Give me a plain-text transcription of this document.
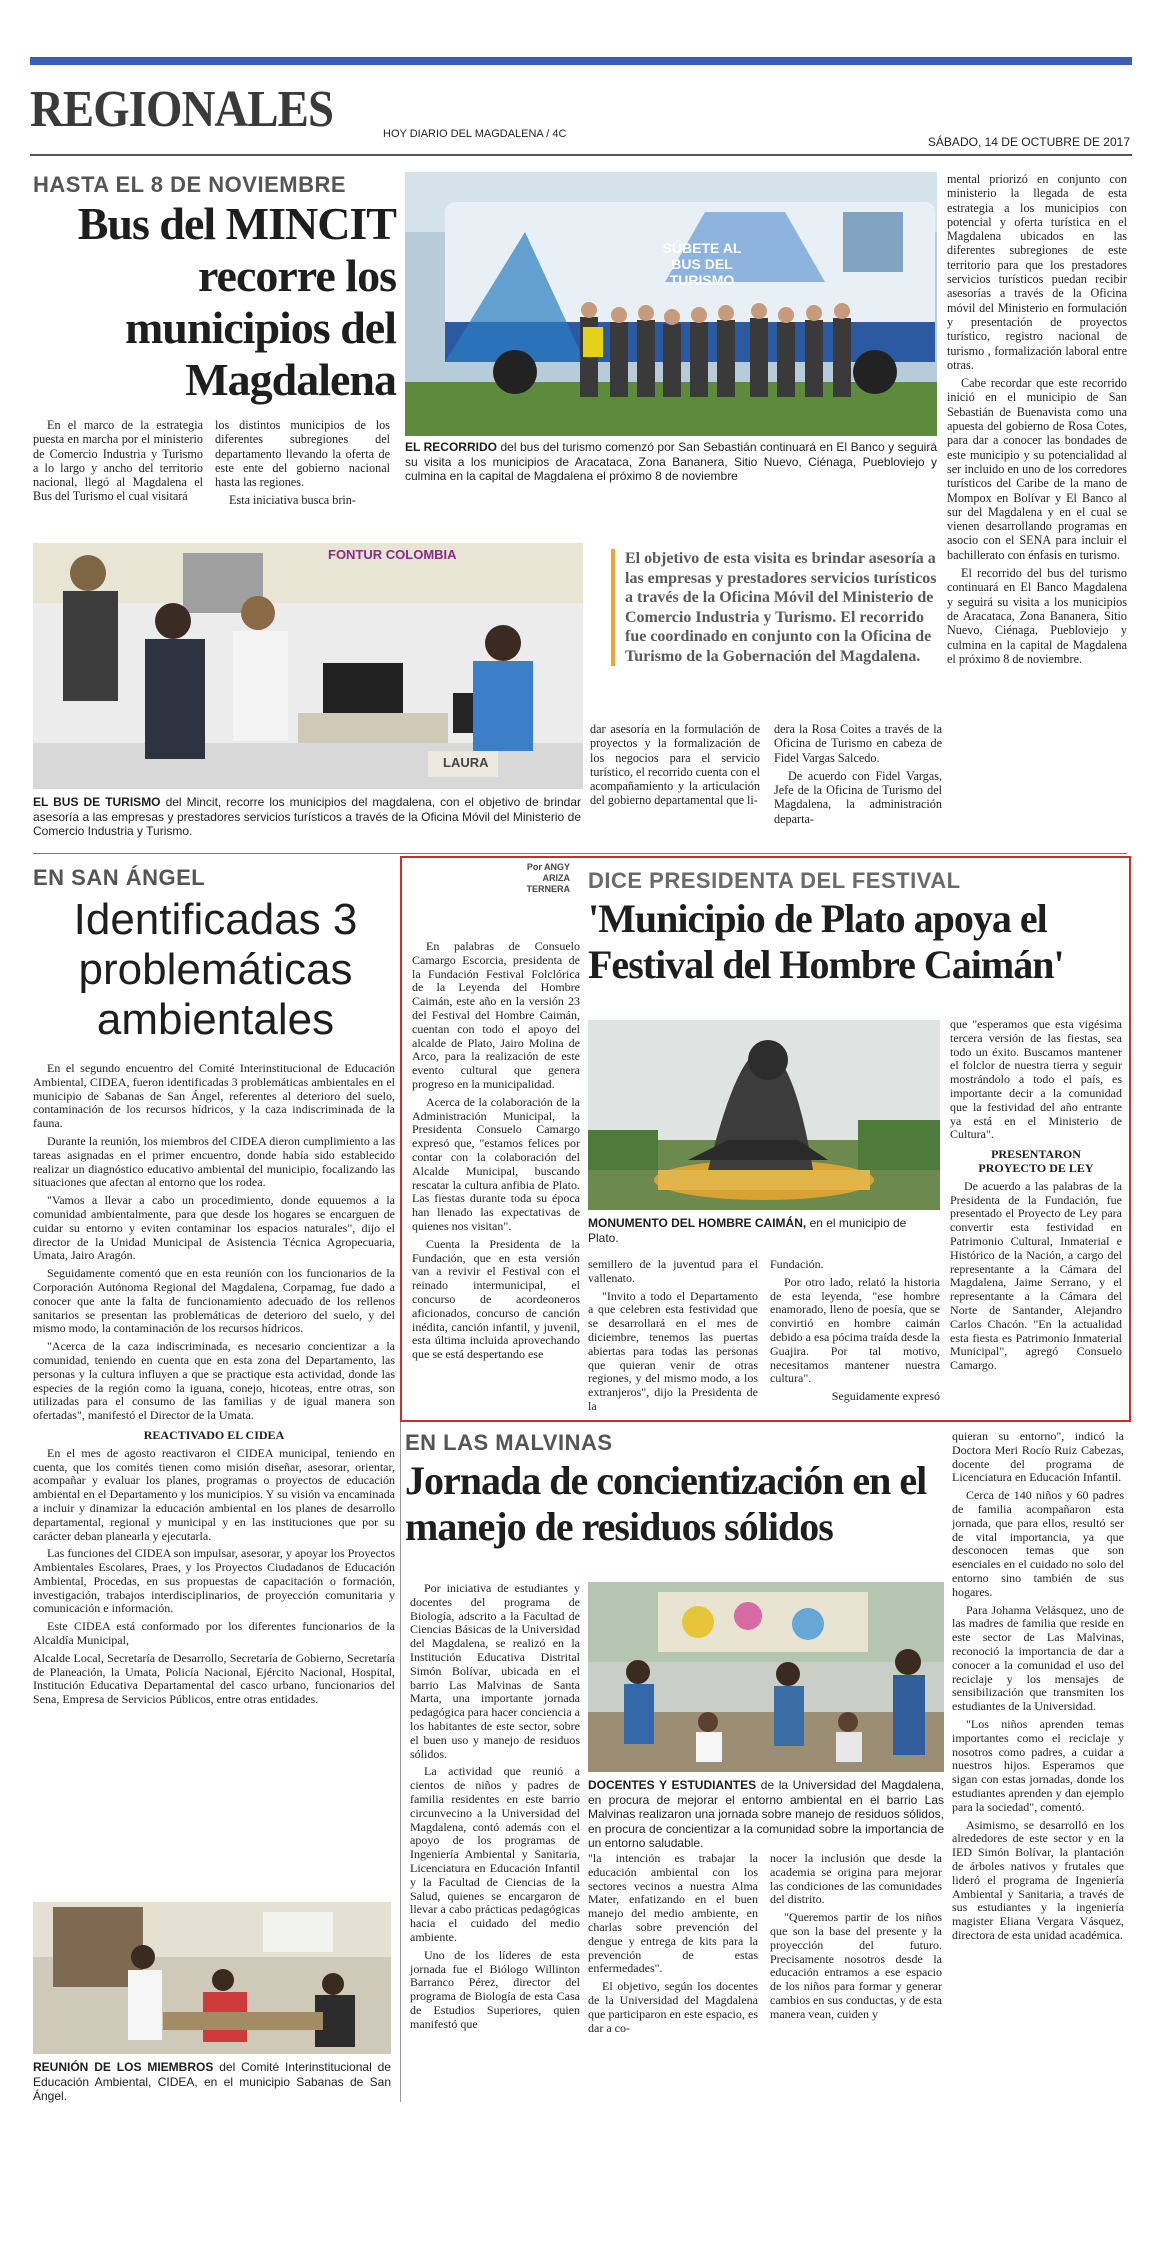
REGIONALES	HOY DIARIO DEL MAGDALENA / 4C
SÁBADO, 14 DE OCTUBRE DE 2017
HASTA EL 8 DE NOVIEMBRE
Bus del MINCIT recorre los municipios del Magdalena

En el marco de la estrategia puesta en marcha por el ministerio de Comercio Industria y Turismo a lo largo y ancho del territorio nacional, llegó al Magdalena el Bus del Turismo el cual visitará

los distintos municipios de los diferentes subregiones del departamento llevando la oferta de este ente del gobierno nacional hasta las regiones.

Esta iniciativa busca brin-

SÚBETE AL BUS DEL TURISMO
EL RECORRIDO del bus del turismo comenzó por San Sebastián continuará en El Banco y seguirá su visita a los municipios de Aracataca, Zona Bananera, Sitio Nuevo, Ciénaga, Puebloviejo y culmina en la capital de Magdalena el próximo 8 de noviembre
FONTUR COLOMBIA
LAURA
El objetivo de esta visita es brindar asesoría a las empresas y prestadores servicios turísticos a través de la Oficina Móvil del Ministerio de Comercio Industria y Turismo. El recorrido fue coordinado en conjunto con la Oficina de Turismo de la Gobernación del Magdalena.

dar asesoría en la formulación de proyectos y la formalización de los negocios para el servicio turístico, el recorrido cuenta con el acompañamiento y la articulación del gobierno departamental que li-

dera la Rosa Coites a través de la Oficina de Turismo en cabeza de Fidel Vargas Salcedo.

De acuerdo con Fidel Vargas, Jefe de la Oficina de Turismo del Magdalena, la administración departa-

EL BUS DE TURISMO del Mincit, recorre los municipios del magdalena, con el objetivo de brindar asesoría a las empresas y prestadores servicios turísticos a través de la Oficina Móvil del Ministerio de Comercio Industria y Turismo.

mental priorizó en conjunto con ministerio la llegada de esta estrategia a los municipios con potencial y oferta turística en el Magdalena ubicados en las diferentes subregiones de este territorio para que los prestadores servicios turísticos puedan recibir asesorías a través de la Oficina móvil del Ministerio en formulación y presentación de proyectos turístico, registro nacional de turismo , formalización laboral entre otras.

Cabe recordar que este recorrido inició en el municipio de San Sebastián de Buenavista como una apuesta del gobierno de Rosa Cotes, para dar a conocer las bondades de este municipio y su potencialidad al ser incluido en uno de los corredores turísticos del Caribe de la mano de Mompox en Bolívar y El Banco al sur del Magdalena y en el cual se vienen desarrollando programas en asocio con el SENA para incluir el bachillerato con énfasis en turismo.

El recorrido del bus del turismo continuará en El Banco Magdalena y seguirá su visita a los municipios de Aracataca, Zona Bananera, Sitio Nuevo, Ciénaga, Puebloviejo y culmina en la capital de Magdalena el próximo 8 de noviembre.

EN SAN ÁNGEL
Identificadas 3 problemáticas ambientales

En el segundo encuentro del Comité Interinstitucional de Educación Ambiental, CIDEA, fueron identificadas 3 problemáticas ambientales en el municipio de Sabanas de San Ángel, referentes al deterioro del suelo, contaminación de los recursos hídricos, y la caza indiscriminada de la fauna.

Durante la reunión, los miembros del CIDEA dieron cumplimiento a las tareas asignadas en el primer encuentro, donde había sido establecido realizar un diagnóstico educativo ambiental del municipio, focalizando las situaciones que afectan al entorno que los rodea.

"Vamos a llevar a cabo un procedimiento, donde equuemos a la comunidad ambientalmente, para que desde los hogares se encarguen de cuidar su entorno y eviten contaminar los espacios naturales", dijo el director de la Unidad Municipal de Asistencia Técnica Agropecuaria, Umata, Jairo Aragón.

Seguidamente comentó que en esta reunión con los funcionarios de la Corporación Autónoma Regional del Magdalena, Corpamag, fue dado a conocer que ante la falta de funcionamiento adecuado de los rellenos sanitarios se presentan las problemáticas de deterioro del suelo, y del mismo modo, la contaminación de los recursos hídricos.

"Acerca de la caza indiscriminada, es necesario concientizar a la comunidad, teniendo en cuenta que en esta zona del Departamento, las personas y la cultura influyen a que se practique esta actividad, donde las especies de la región como la iguana, conejo, hicoteas, entre otras, son utilizadas para el consumo de las familias y de igual manera son ofertadas", manifestó el Director de la Umata.

REACTIVADO EL CIDEA

En el mes de agosto reactivaron el CIDEA municipal, teniendo en cuenta, que los comités tienen como misión diseñar, asesorar, orientar, acompañar y evaluar los planes, programas o proyectos de educación ambiental en el Departamento y los municipios. Y su visión va encaminada a incluir y dinamizar la educación ambiental en los planes de desarrollo departamental, regional y municipal y en las instituciones que por su carácter deban planearla y ejecutarla.

Las funciones del CIDEA son impulsar, asesorar, y apoyar los Proyectos Ambientales Escolares, Praes, y los Proyectos Ciudadanos de Educación Ambiental, Procedas, en sus propuestas de capacitación o formación, investigación, trabajos interdisciplinarios, de proyección comunitaria y comunicación e información.

Este CIDEA está conformado por los diferentes funcionarios de la Alcaldía Municipal,

Alcalde Local, Secretaría de Desarrollo, Secretaría de Gobierno, Secretaría de Planeación, la Umata, Policía Nacional, Ejército Nacional, Hospital, Institución Educativa Departamental del casco urbano, funcionarios del Sena, Empresa de Servicios Públicos, entre otras entidades.

REUNIÓN DE LOS MIEMBROS del Comité Interinstitucional de Educación Ambiental, CIDEA, en el municipio Sabanas de San Ángel.
Por ANGY ARIZA TERNERA DICE PRESIDENTA DEL FESTIVAL
'Municipio de Plato apoya el Festival del Hombre Caimán'

En palabras de Consuelo Camargo Escorcia, presidenta de la Fundación Festival Folclórica de la Leyenda del Hombre Caimán, este año en la versión 23 del Festival del Hombre Caimán, cuentan con todo el apoyo del alcalde de Plato, Jairo Molina de Arco, para la realización de este evento cultural que genera progreso en la municipalidad.

Acerca de la colaboración de la Administración Municipal, la Presidenta Consuelo Camargo expresó que, "estamos felices por contar con la colaboración del Alcalde Municipal, buscando rescatar la cultura anfibia de Plato. Las fiestas durante toda su época han llenado las expectativas de quienes nos visitan".

Cuenta la Presidenta de la Fundación, que en esta versión van a revivir el Festival con el reinado intermunicipal, el concurso de acordeoneros aficionados, concurso de canción inédita, canción infantil, y juvenil, esta última incluida aprovechando que se está despertando ese

MONUMENTO DEL HOMBRE CAIMÁN, en el municipio de Plato.

semillero de la juventud para el vallenato.

"Invito a todo el Departamento a que celebren esta festividad que se desarrollará en el mes de diciembre, tenemos las puertas abiertas para todas las personas que quieran venir de otras regiones, y del mismo modo, a los extranjeros", dijo la Presidenta de la

Fundación.

Por otro lado, relató la historia de esta leyenda, "ese hombre enamorado, lleno de poesía, que se convirtió en hombre caimán debido a esa pócima traída desde la Guajira. Por tal motivo, necesitamos mantener nuestra cultura".

Seguidamente expresó

que "esperamos que esta vigésima tercera versión de las fiestas, sea todo un éxito. Buscamos mantener el folclor de nuestra tierra y seguir mostrándolo a todo el país, es importante decir a la comunidad que la festividad del año entrante ya está en el Ministerio de Cultura".

PRESENTARON PROYECTO DE LEY

De acuerdo a las palabras de la Presidenta de la Fundación, fue presentado el Proyecto de Ley para convertir esta festividad en Patrimonio Cultural, Inmaterial e Histórico de la Nación, a cargo del representante a la Cámara del Magdalena, Jaime Serrano, y el representante a la Cámara del Norte de Santander, Alejandro Carlos Chacón. "En la actualidad esta fiesta es Patrimonio Inmaterial Municipal", agregó Consuelo Camargo.

EN LAS MALVINAS
Jornada de concientización en el manejo de residuos sólidos

Por iniciativa de estudiantes y docentes del programa de Biología, adscrito a la Facultad de Ciencias Básicas de la Universidad del Magdalena, se realizó en la Institución Educativa Distrital Simón Bolívar, ubicada en el barrio Las Malvinas de Santa Marta, una importante jornada pedagógica para hacer conciencia a los habitantes de este sector, sobre el buen uso y manejo de residuos sólidos.

La actividad que reunió a cientos de niños y padres de familia residentes en este barrio circunvecino a la Universidad del Magdalena, contó además con el apoyo de los programas de Ingeniería Ambiental y Sanitaria, Licenciatura en Educación Infantil y la Facultad de Ciencias de la Salud, quienes se encargaron de llevar a cabo prácticas pedagógicas hacia el cuidado del medio ambiente.

Uno de los líderes de esta jornada fue el Biólogo Willinton Barranco Pérez, director del programa de Biología de esta Casa de Estudios Superiores, quien manifestó que

DOCENTES Y ESTUDIANTES de la Universidad del Magdalena, en procura de mejorar el entorno ambiental en el barrio Las Malvinas realizaron una jornada sobre manejo de residuos sólidos, en procura de concientizar a la comunidad sobre la importancia de un entorno saludable.

"la intención es trabajar la educación ambiental con los sectores vecinos a nuestra Alma Mater, enfatizando en el buen manejo del medio ambiente, en charlas sobre prevención del dengue y entrega de kits para la prevención de estas enfermedades".

El objetivo, según los docentes de la Universidad del Magdalena que participaron en este espacio, es dar a co-

nocer la inclusión que desde la academia se origina para mejorar las condiciones de las comunidades del distrito.

"Queremos partir de los niños que son la base del presente y la proyección del futuro. Precisamente nosotros desde la educación entramos a ese espacio de los niños para formar y generar cambios en sus conductas, y de esta manera vean, cuiden y

quieran su entorno", indicó la Doctora Meri Rocío Ruiz Cabezas, docente del programa de Licenciatura en Educación Infantil.

Cerca de 140 niños y 60 padres de familia acompañaron esta jornada, que para ellos, resultó ser de vital importancia, ya que desconocen temas que son esenciales en el cuidado no solo del entorno sino también de sus hogares.

Para Johanna Velásquez, uno de las madres de familia que reside en este sector de Las Malvinas, reconoció la importancia de dar a conocer a la comunidad el uso del reciclaje y los mensajes de sensibilización que transmiten los estudiantes de la Universidad.

"Los niños aprenden temas importantes como el reciclaje y nosotros como padres, a cuidar a nuestros hijos. Esperamos que sigan con estas jornadas, donde los estudiantes aprenden y dan ejemplo para la sociedad", comentó.

Asimismo, se desarrolló en los alrededores de este sector y en la IED Simón Bolívar, la plantación de árboles nativos y frutales que lideró el programa de Ingeniería Ambiental y Sanitaria, a través de sus estudiantes y la ingeniería magister Eliana Vergara Vásquez, directora de esta unidad académica.
